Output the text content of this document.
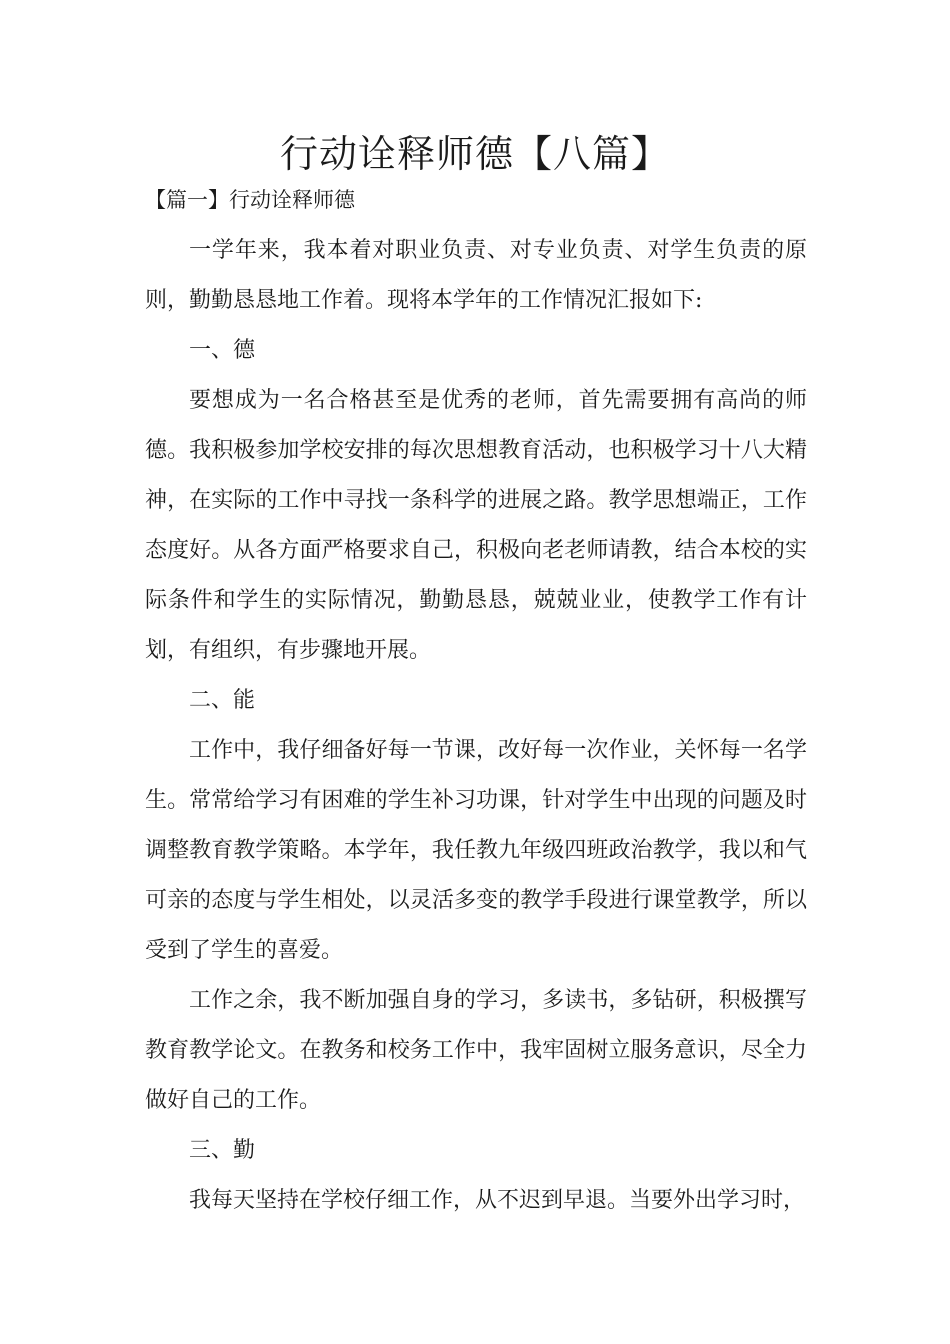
行动诠释师德【八篇】
【篇一】行动诠释师德

一学年来，我本着对职业负责、对专业负责、对学生负责的原则，勤勤恳恳地工作着。现将本学年的工作情况汇报如下:

一、德

要想成为一名合格甚至是优秀的老师，首先需要拥有高尚的师德。我积极参加学校安排的每次思想教育活动，也积极学习十八大精神，在实际的工作中寻找一条科学的进展之路。教学思想端正，工作态度好。从各方面严格要求自己，积极向老老师请教，结合本校的实际条件和学生的实际情况，勤勤恳恳，兢兢业业，使教学工作有计划，有组织，有步骤地开展。

二、能

工作中，我仔细备好每一节课，改好每一次作业，关怀每一名学生。常常给学习有困难的学生补习功课，针对学生中出现的问题及时调整教育教学策略。本学年，我任教九年级四班政治教学，我以和气可亲的态度与学生相处，以灵活多变的教学手段进行课堂教学，所以受到了学生的喜爱。

工作之余，我不断加强自身的学习，多读书，多钻研，积极撰写教育教学论文。在教务和校务工作中，我牢固树立服务意识，尽全力做好自己的工作。

三、勤

我每天坚持在学校仔细工作，从不迟到早退。当要外出学习时，
